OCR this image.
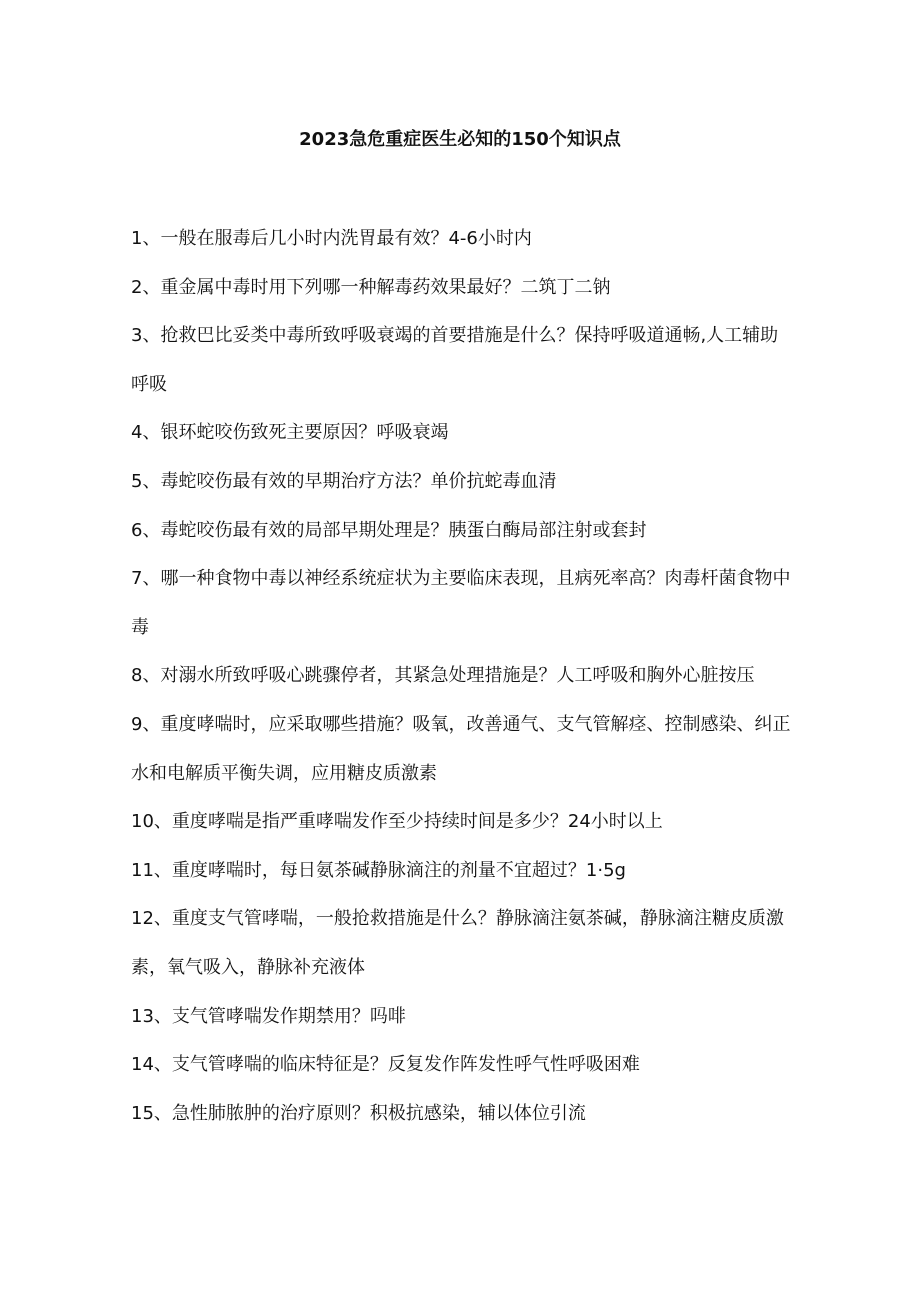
2023急危重症医生必知的150个知识点
1、一般在服毒后几小时内洗胃最有效？4-6小时内
2、重金属中毒时用下列哪一种解毒药效果最好？二筑丁二钠
3、抢救巴比妥类中毒所致呼吸衰竭的首要措施是什么？保持呼吸道通畅,人工辅助呼吸
4、银环蛇咬伤致死主要原因？呼吸衰竭
5、毒蛇咬伤最有效的早期治疗方法？单价抗蛇毒血清
6、毒蛇咬伤最有效的局部早期处理是？胰蛋白酶局部注射或套封
7、哪一种食物中毒以神经系统症状为主要临床表现，且病死率高？肉毒杆菌食物中毒
8、对溺水所致呼吸心跳骤停者，其紧急处理措施是？人工呼吸和胸外心脏按压
9、重度哮喘时，应采取哪些措施？吸氧，改善通气、支气管解痉、控制感染、纠正水和电解质平衡失调，应用糖皮质激素
10、重度哮喘是指严重哮喘发作至少持续时间是多少？24小时以上
11、重度哮喘时，每日氨茶碱静脉滴注的剂量不宜超过？1·5g
12、重度支气管哮喘，一般抢救措施是什么？静脉滴注氨茶碱，静脉滴注糖皮质激素，氧气吸入，静脉补充液体
13、支气管哮喘发作期禁用？吗啡
14、支气管哮喘的临床特征是？反复发作阵发性呼气性呼吸困难
15、急性肺脓肿的治疗原则？积极抗感染，辅以体位引流
